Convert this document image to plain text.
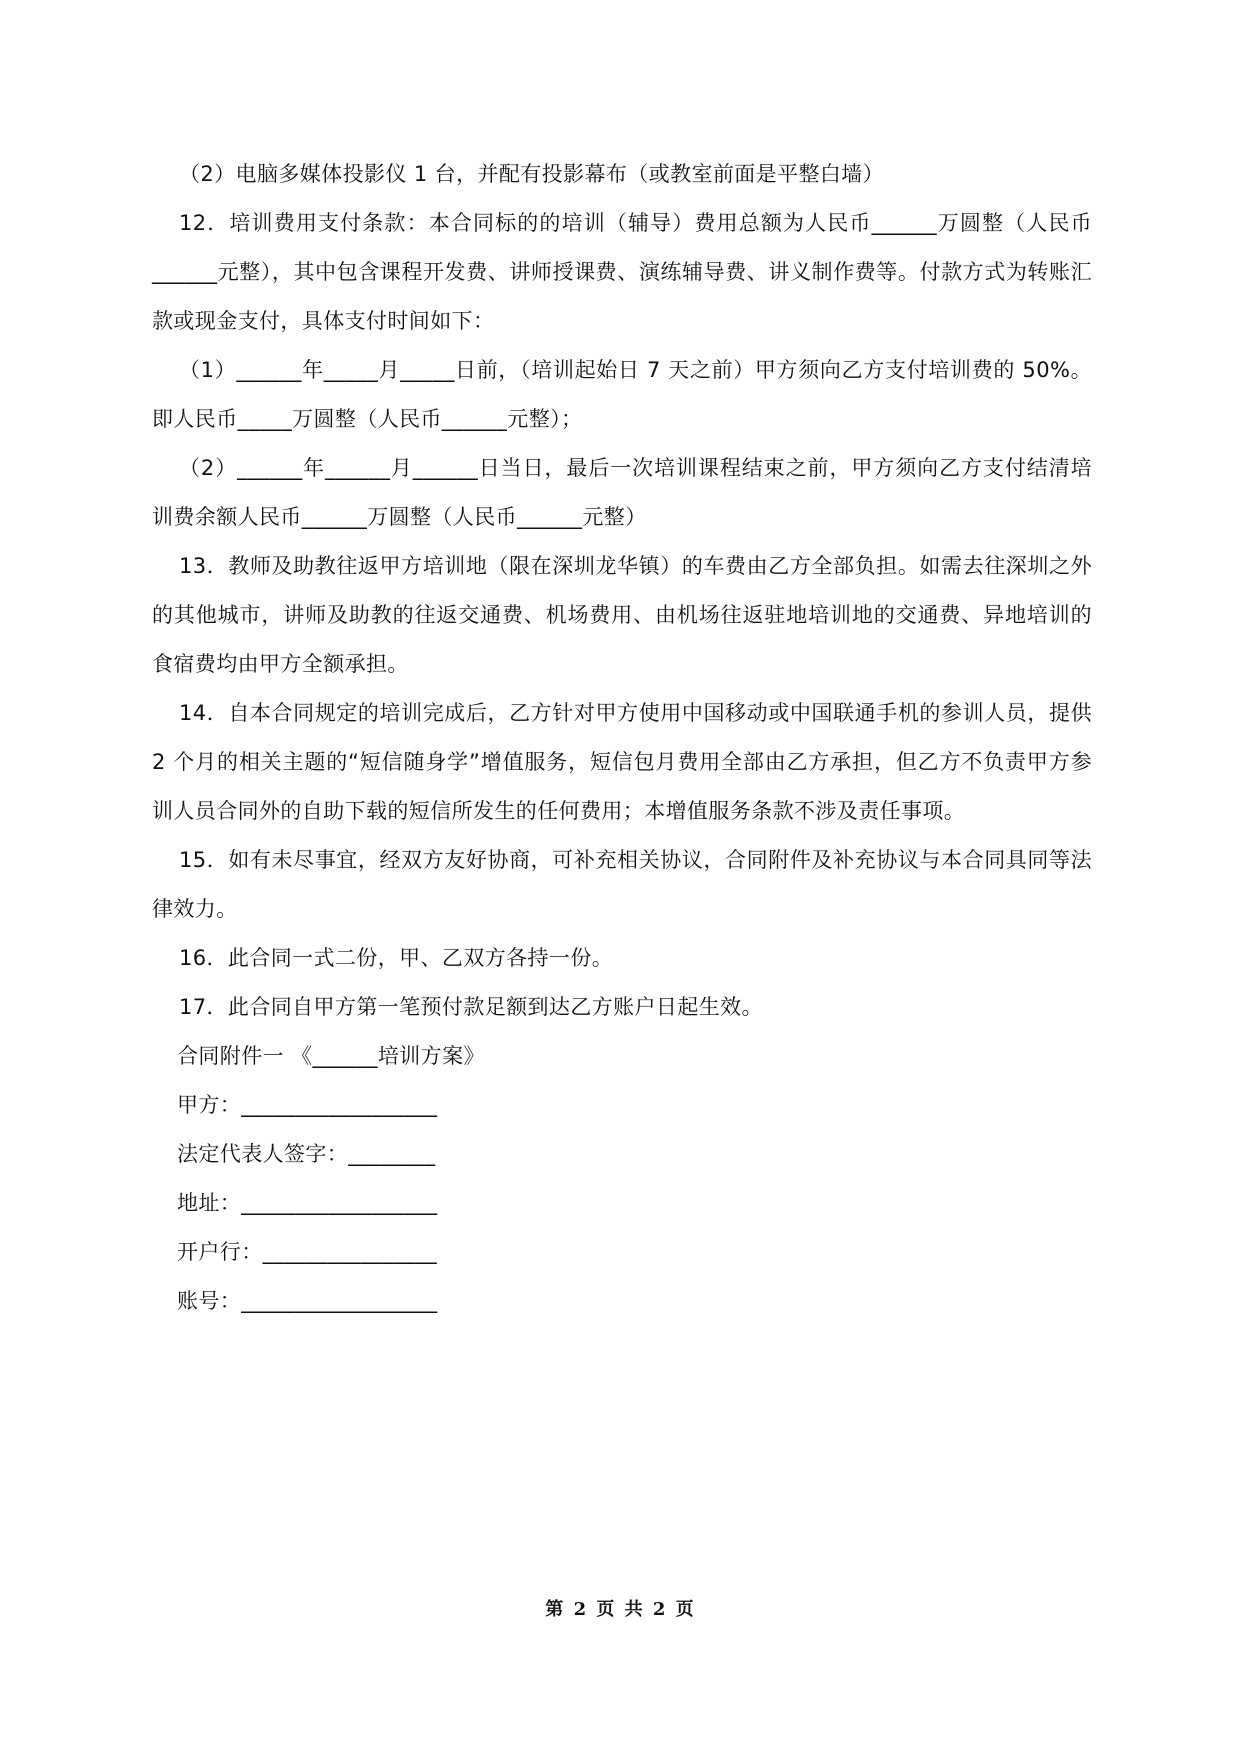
（2）电脑多媒体投影仪 1 台，并配有投影幕布（或教室前面是平整白墙）

12．培训费用支付条款：本合同标的的培训（辅导）费用总额为人民币______万圆整（人民币______元整），其中包含课程开发费、讲师授课费、演练辅导费、讲义制作费等。付款方式为转账汇款或现金支付，具体支付时间如下：

（1）______年_____月_____日前，（培训起始日 7 天之前）甲方须向乙方支付培训费的 50%。即人民币_____万圆整（人民币______元整）；

（2）______年______月______日当日，最后一次培训课程结束之前，甲方须向乙方支付结清培训费余额人民币______万圆整（人民币______元整）

13．教师及助教往返甲方培训地（限在深圳龙华镇）的车费由乙方全部负担。如需去往深圳之外的其他城市，讲师及助教的往返交通费、机场费用、由机场往返驻地培训地的交通费、异地培训的食宿费均由甲方全额承担。

14．自本合同规定的培训完成后，乙方针对甲方使用中国移动或中国联通手机的参训人员，提供 2 个月的相关主题的“短信随身学”增值服务，短信包月费用全部由乙方承担，但乙方不负责甲方参训人员合同外的自助下载的短信所发生的任何费用；本增值服务条款不涉及责任事项。

15．如有未尽事宜，经双方友好协商，可补充相关协议，合同附件及补充协议与本合同具同等法律效力。

16．此合同一式二份，甲、乙双方各持一份。

17．此合同自甲方第一笔预付款足额到达乙方账户日起生效。

合同附件一 《______培训方案》

甲方：__________________

法定代表人签字：________

地址：__________________

开户行：________________

账号：__________________

第 2 页 共 2 页
